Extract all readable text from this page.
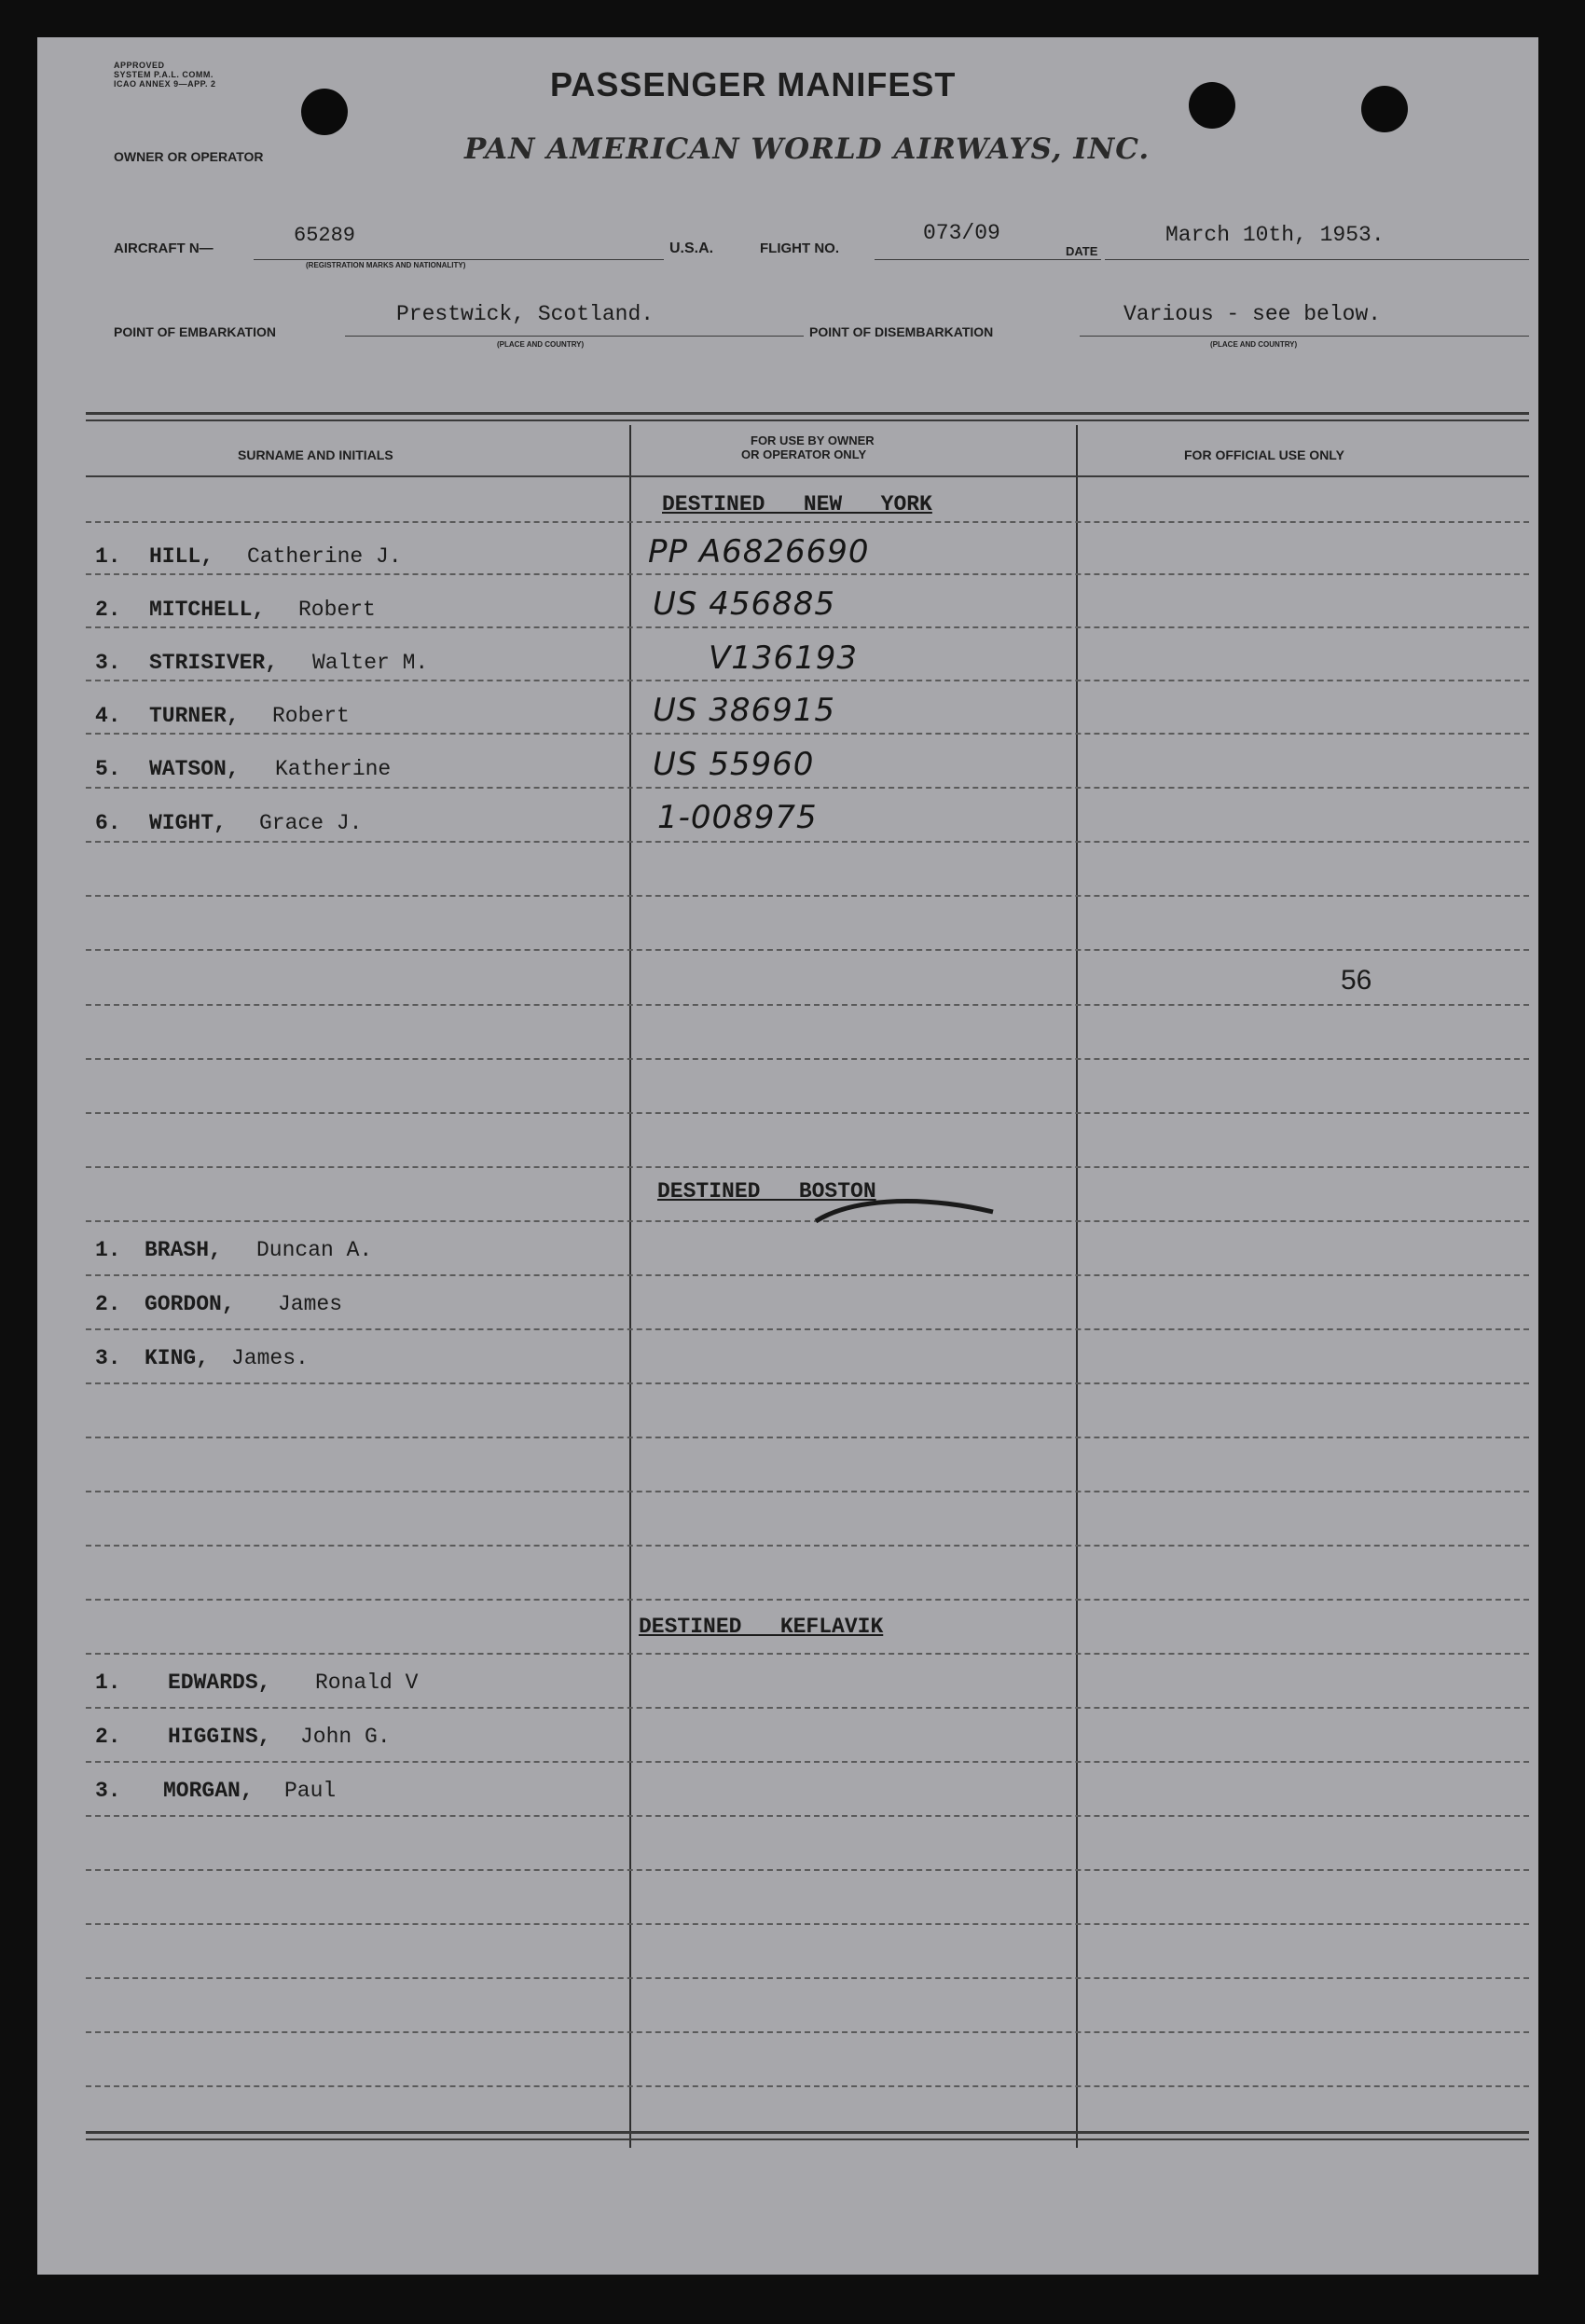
APPROVED
SYSTEM P.A.L. COMM.
ICAO ANNEX 9—APP. 2	PASSENGER MANIFEST
OWNER OR OPERATOR	PAN AMERICAN WORLD AIRWAYS, INC.
AIRCRAFT N—
65289
(REGISTRATION MARKS AND NATIONALITY)
U.S.A.	FLIGHT NO.
073/09
DATE
March 10th, 1953.
POINT OF EMBARKATION
Prestwick, Scotland.
(PLACE AND COUNTRY)
POINT OF DISEMBARKATION
Various - see below.
(PLACE AND COUNTRY)
SURNAME AND INITIALS
FOR USE BY OWNER
OR OPERATOR ONLY	FOR OFFICIAL USE ONLY
DESTINED   NEW   YORK
1. HILL, Catherine J.	PP A6826690
2. MITCHELL, Robert	US 456885
3. STRISIVER, Walter M.	V136193
4. TURNER, Robert	US 386915
5. WATSON, Katherine	US 55960
6. WIGHT, Grace J.	1-008975
56
DESTINED   BOSTON
1. BRASH, Duncan A.
2. GORDON, James
3. KING, James.
DESTINED   KEFLAVIK
1. EDWARDS, Ronald V
2. HIGGINS, John G.
3. MORGAN, Paul
